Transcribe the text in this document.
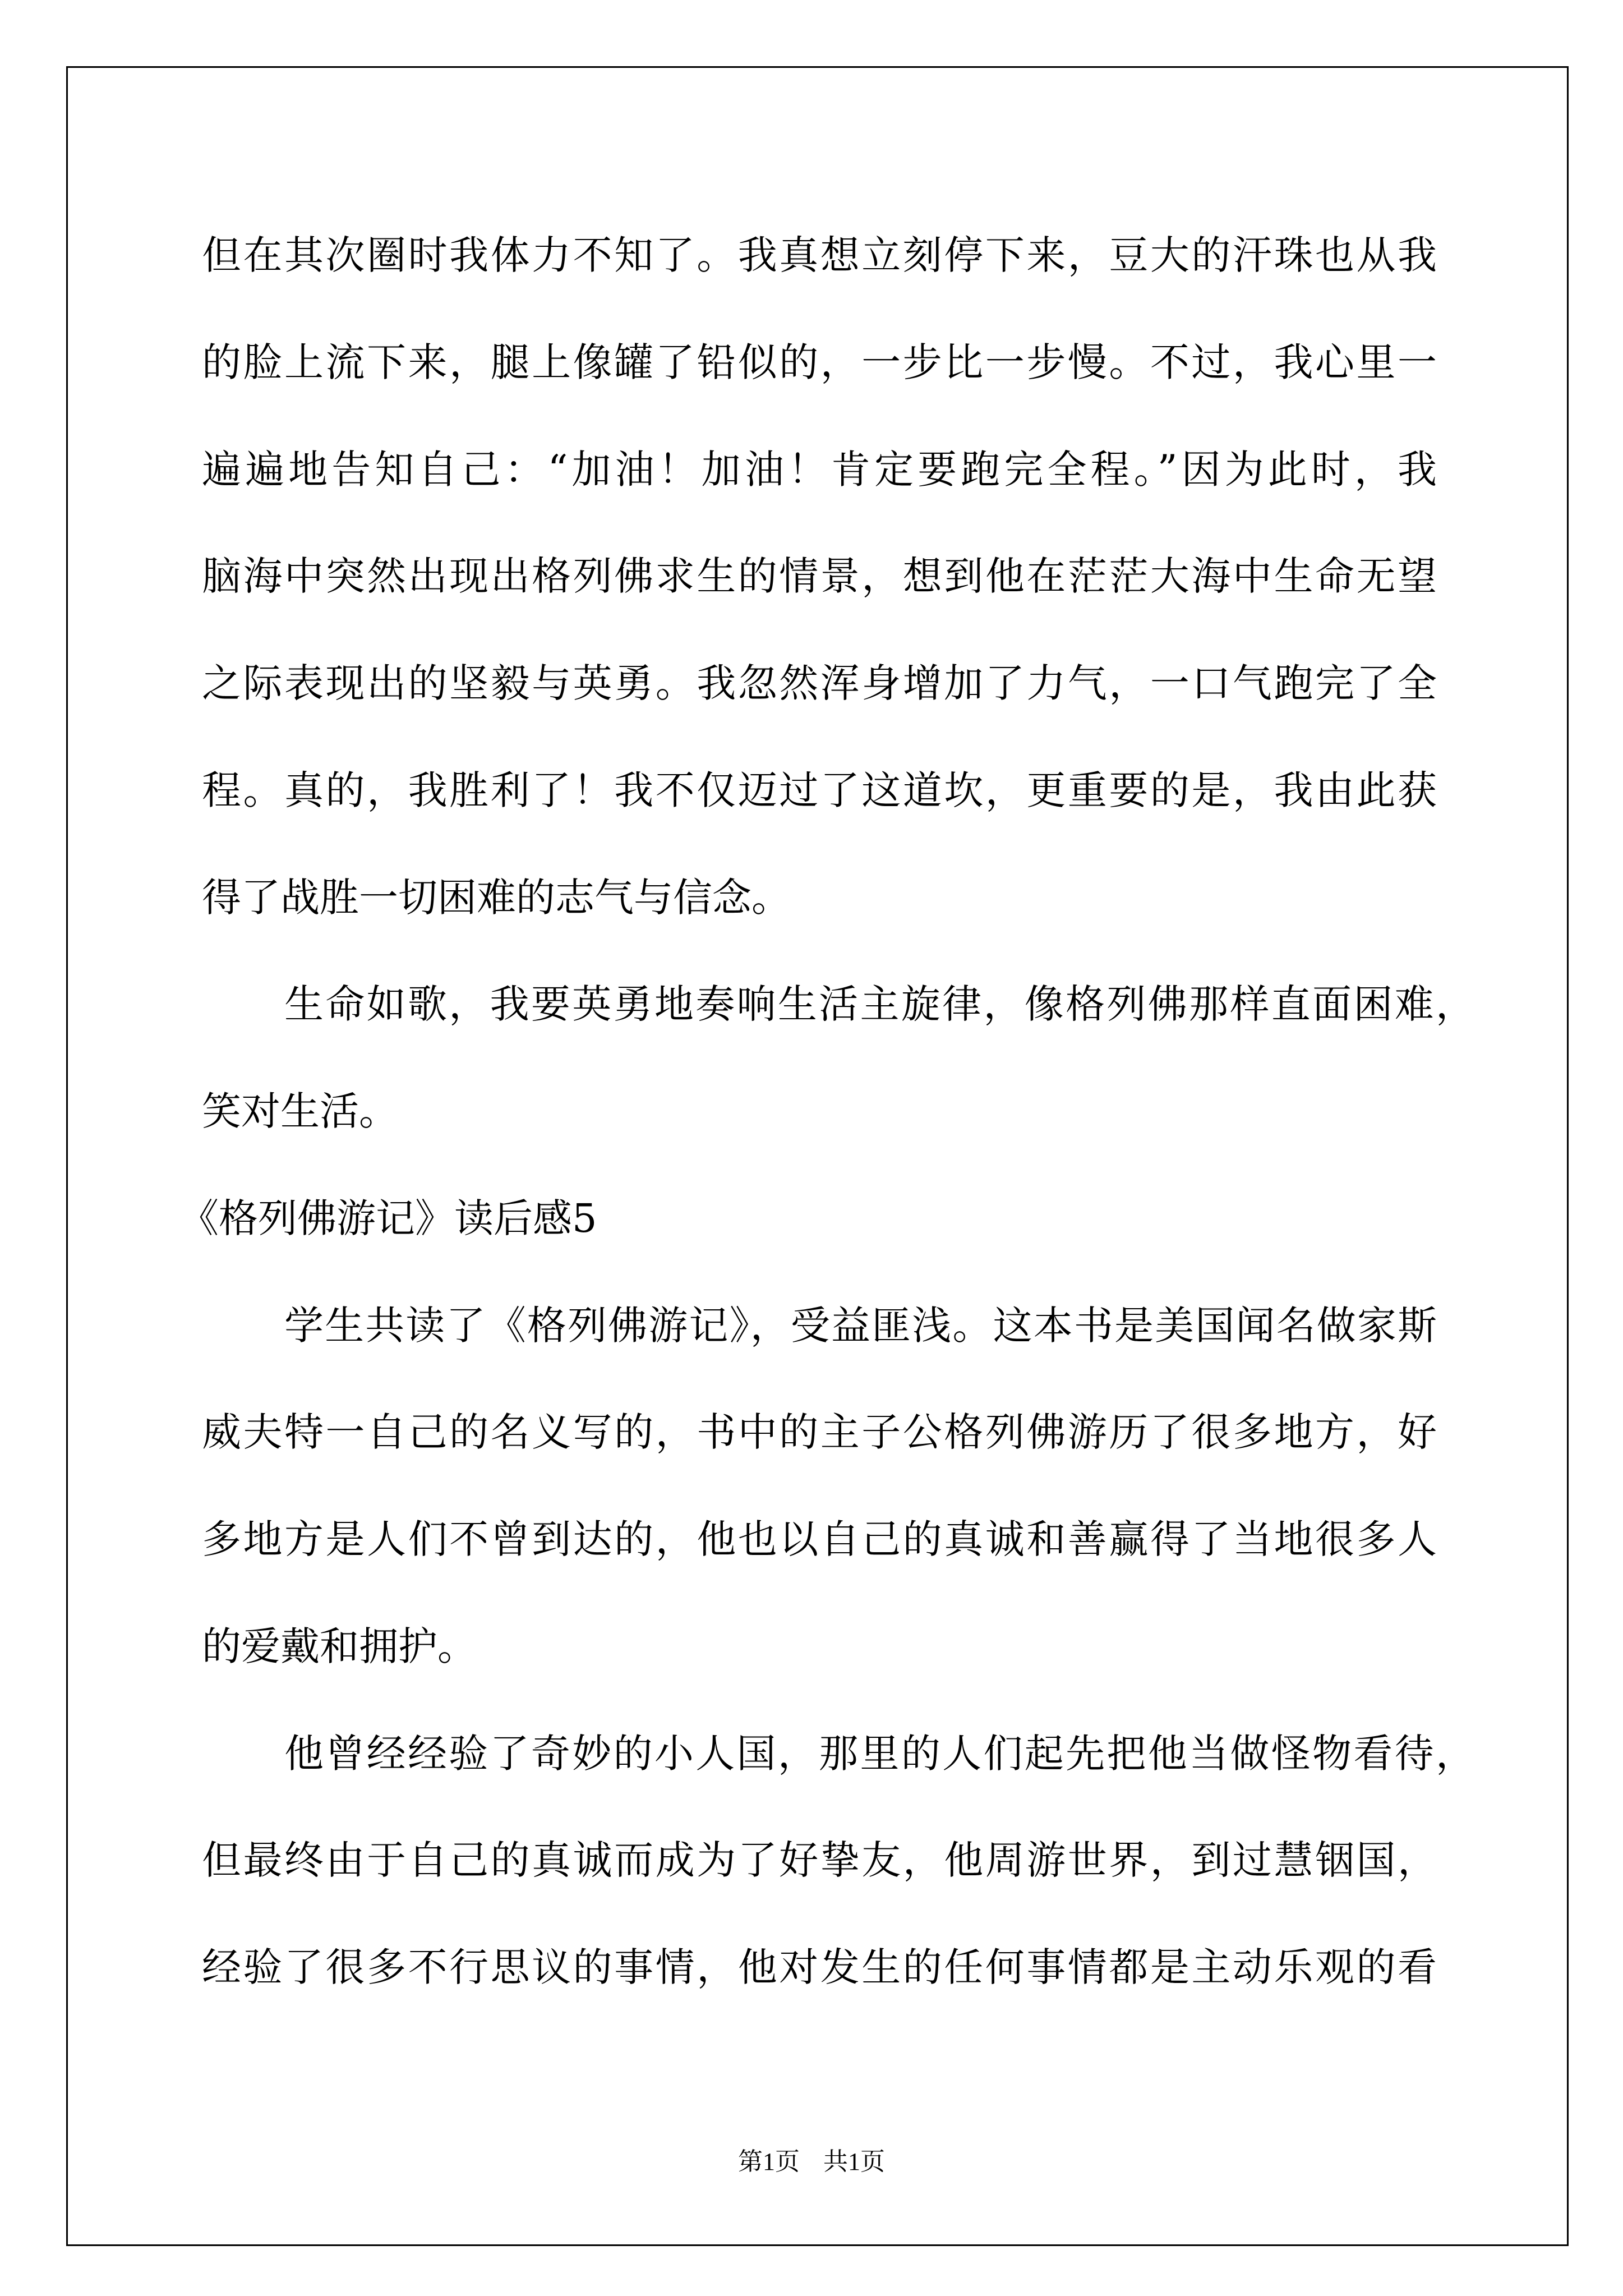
但在其次圈时我体力不知了。我真想立刻停下来，豆大的汗珠也从我
的脸上流下来，腿上像罐了铅似的，一步比一步慢。不过，我心里一
遍遍地告知自己：“加油！加油！肯定要跑完全程。”因为此时，我
脑海中突然出现出格列佛求生的情景，想到他在茫茫大海中生命无望
之际表现出的坚毅与英勇。我忽然浑身增加了力气，一口气跑完了全
程。真的，我胜利了！我不仅迈过了这道坎，更重要的是，我由此获
得了战胜一切困难的志气与信念。
生命如歌，我要英勇地奏响生活主旋律，像格列佛那样直面困难，
笑对生活。
《格列佛游记》读后感5
学生共读了《格列佛游记》，受益匪浅。这本书是美国闻名做家斯
威夫特一自己的名义写的，书中的主子公格列佛游历了很多地方，好
多地方是人们不曾到达的，他也以自己的真诚和善赢得了当地很多人
的爱戴和拥护。
他曾经经验了奇妙的小人国，那里的人们起先把他当做怪物看待，
但最终由于自己的真诚而成为了好挚友，他周游世界，到过慧铟国，
经验了很多不行思议的事情，他对发生的任何事情都是主动乐观的看
第1页 共1页
